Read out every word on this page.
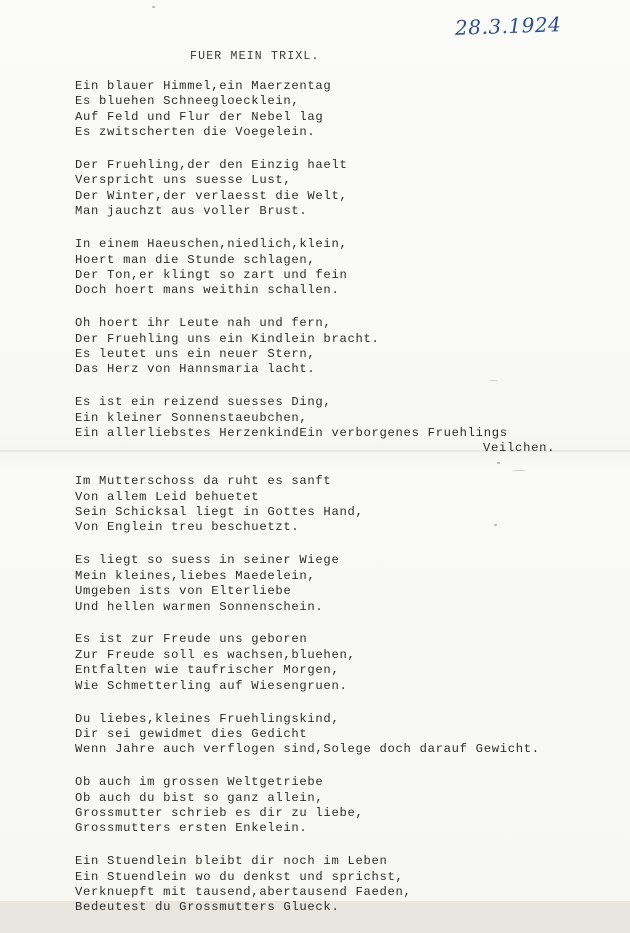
28.3.1924
FUER MEIN TRIXL.
Ein blauer Himmel,ein Maerzentag
Es bluehen Schneegloecklein,
Auf Feld und Flur der Nebel lag
Es zwitscherten die Voegelein.
Der Fruehling,der den Einzig haelt
Verspricht uns suesse Lust,
Der Winter,der verlaesst die Welt,
Man jauchzt aus voller Brust.
In einem Haeuschen,niedlich,klein,
Hoert man die Stunde schlagen,
Der Ton,er klingt so zart und fein
Doch hoert mans weithin schallen.
Oh hoert ihr Leute nah und fern,
Der Fruehling uns ein Kindlein bracht.
Es leutet uns ein neuer Stern,
Das Herz von Hannsmaria lacht.
Es ist ein reizend suesses Ding,
Ein kleiner Sonnenstaeubchen,
Ein allerliebstes HerzenkindEin verborgenes Fruehlings
Veilchen.
Im Mutterschoss da ruht es sanft
Von allem Leid behuetet
Sein Schicksal liegt in Gottes Hand,
Von Englein treu beschuetzt.
Es liegt so suess in seiner Wiege
Mein kleines,liebes Maedelein,
Umgeben ists von Elterliebe
Und hellen warmen Sonnenschein.
Es ist zur Freude uns geboren
Zur Freude soll es wachsen,bluehen,
Entfalten wie taufrischer Morgen,
Wie Schmetterling auf Wiesengruen.
Du liebes,kleines Fruehlingskind,
Dir sei gewidmet dies Gedicht
Wenn Jahre auch verflogen sind,Solege doch darauf Gewicht.
Ob auch im grossen Weltgetriebe
Ob auch du bist so ganz allein,
Grossmutter schrieb es dir zu liebe,
Grossmutters ersten Enkelein.
Ein Stuendlein bleibt dir noch im Leben
Ein Stuendlein wo du denkst und sprichst,
Verknuepft mit tausend,abertausend Faeden,
Bedeutest du Grossmutters Glueck.
